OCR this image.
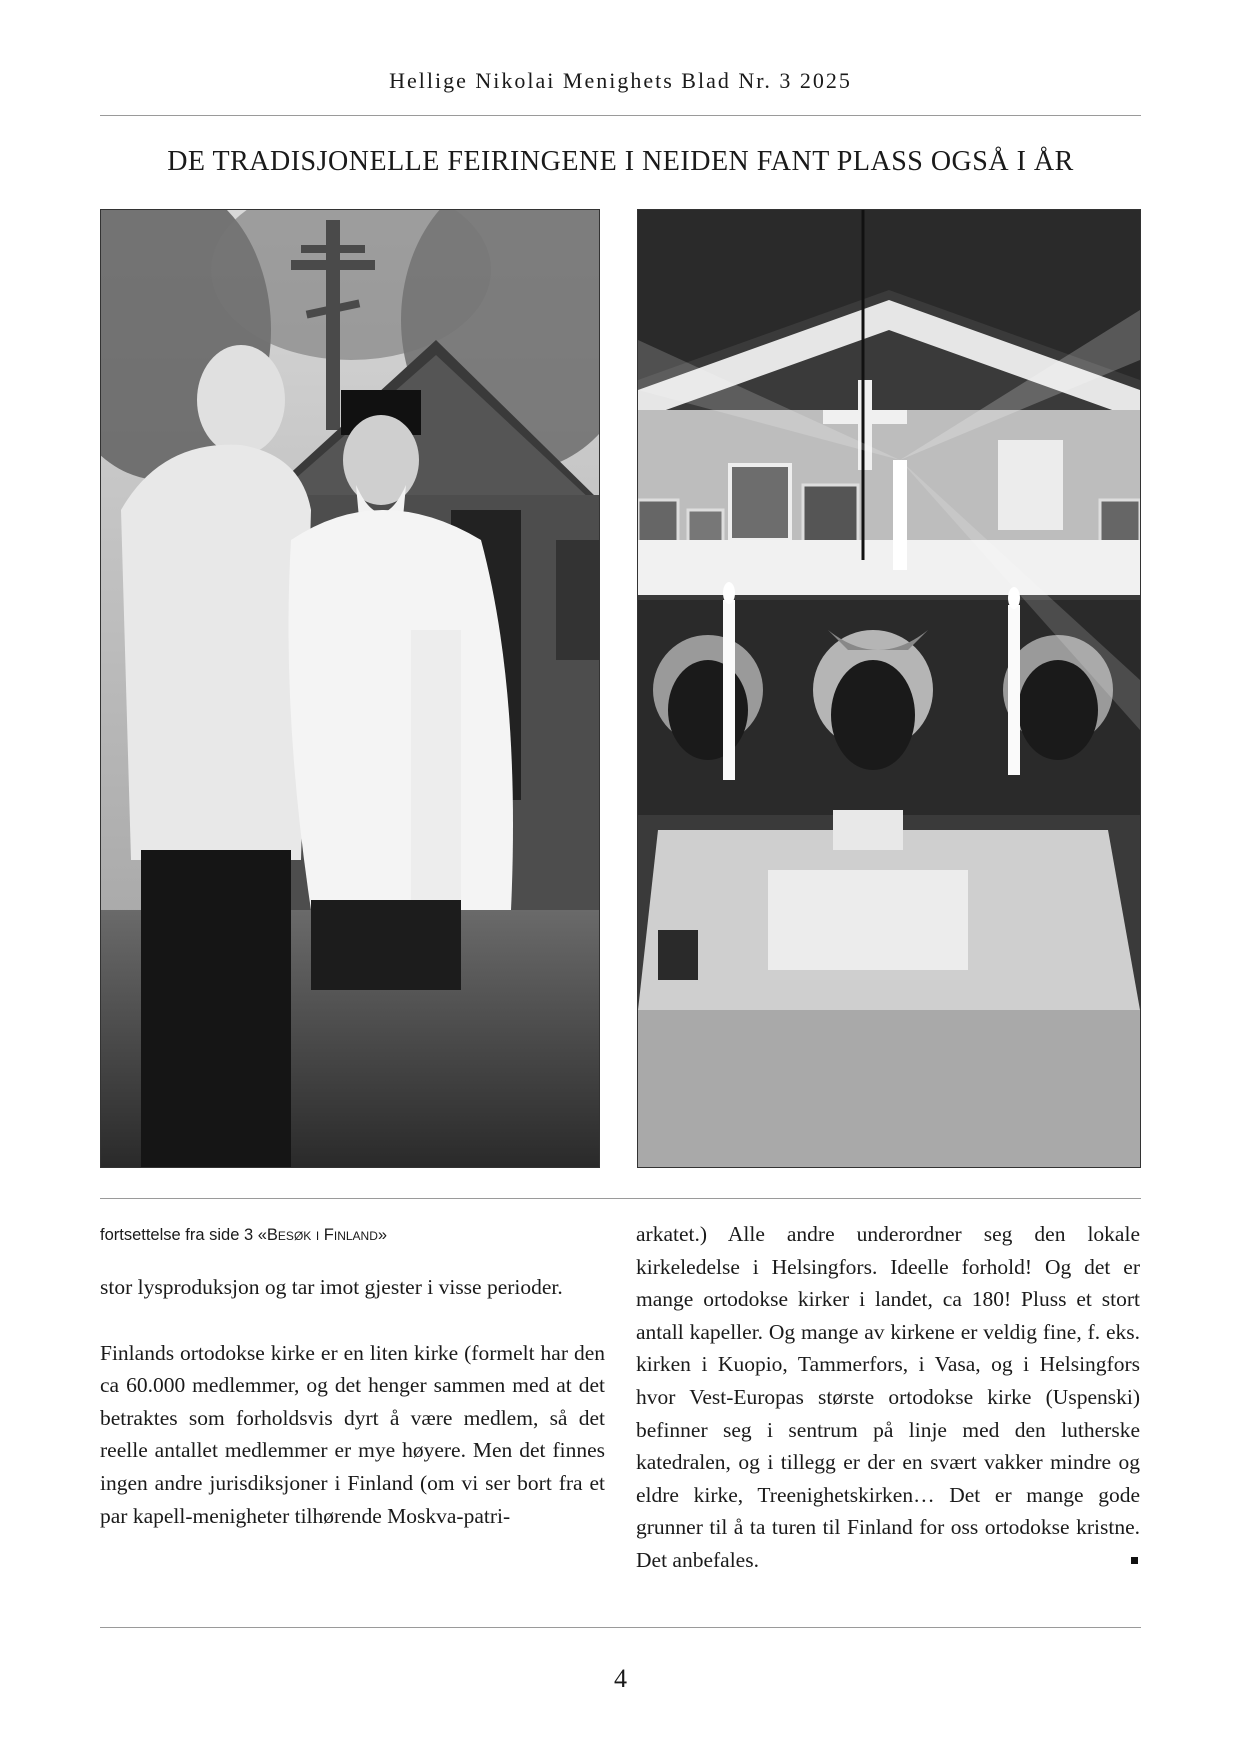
Hellige Nikolai Menighets Blad Nr. 3 2025
DE TRADISJONELLE FEIRINGENE I NEIDEN FANT PLASS OGSÅ I ÅR

fortsettelse fra side 3 «Besøk i Finland»

stor lysproduksjon og tar imot gjester i visse perioder.

Finlands ortodokse kirke er en liten kirke (formelt har den ca 60.000 medlemmer, og det henger sammen med at det betraktes som forholdsvis dyrt å være medlem, så det reelle antallet medlemmer er mye høyere. Men det finnes ingen andre jurisdiksjoner i Finland (om vi ser bort fra et par kapell-menigheter tilhørende Moskva-patri-

arkatet.) Alle andre underordner seg den lokale kirkeledelse i Helsingfors. Ideelle forhold! Og det er mange ortodokse kirker i landet, ca 180! Pluss et stort antall kapeller. Og mange av kirkene er veldig fine, f. eks. kirken i Kuopio, Tammerfors, i Vasa, og i Helsingfors hvor Vest-Europas største ortodokse kirke (Uspenski) befinner seg i sentrum på linje med den lutherske katedralen, og i tillegg er der en svært vakker mindre og eldre kirke, Treenighetskirken… Det er mange gode grunner til å ta turen til Finland for oss ortodokse kristne. Det anbefales.

4
